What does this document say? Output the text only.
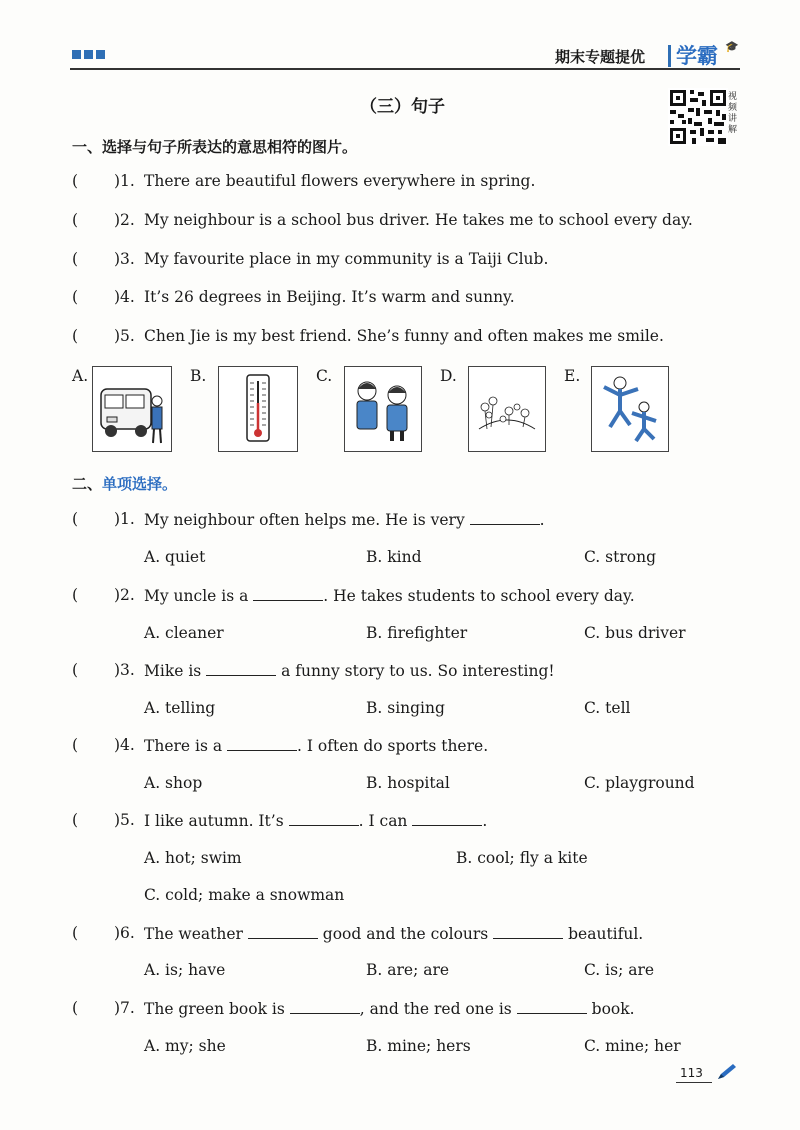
期末专题提优 学霸 🎓
（三）句子	视频讲解
一、选择与句子所表达的意思相符的图片。
( )1. There are beautiful flowers everywhere in spring.
( )2. My neighbour is a school bus driver. He takes me to school every day.
( )3. My favourite place in my community is a Taiji Club.
( )4. It’s 26 degrees in Beijing. It’s warm and sunny.
( )5. Chen Jie is my best friend. She’s funny and often makes me smile.
A.	B.	C.	D.	E.
二、单项选择。
( )1. My neighbour often helps me. He is very	.
A. quiet	B. kind	C. strong
( )2. My uncle is a	. He takes students to school every day.
A. cleaner	B. firefighter	C. bus driver
( )3. Mike is	a funny story to us. So interesting!
A. telling	B. singing	C. tell
( )4. There is a	. I often do sports there.
A. shop	B. hospital	C. playground
( )5. I like autumn. It’s	. I can	.
A. hot; swim	B. cool; fly a kite
C. cold; make a snowman
( )6. The weather	good and the colours	beautiful.
A. is; have	B. are; are	C. is; are
( )7. The green book is	, and the red one is	book.
A. my; she	B. mine; hers	C. mine; her
113
